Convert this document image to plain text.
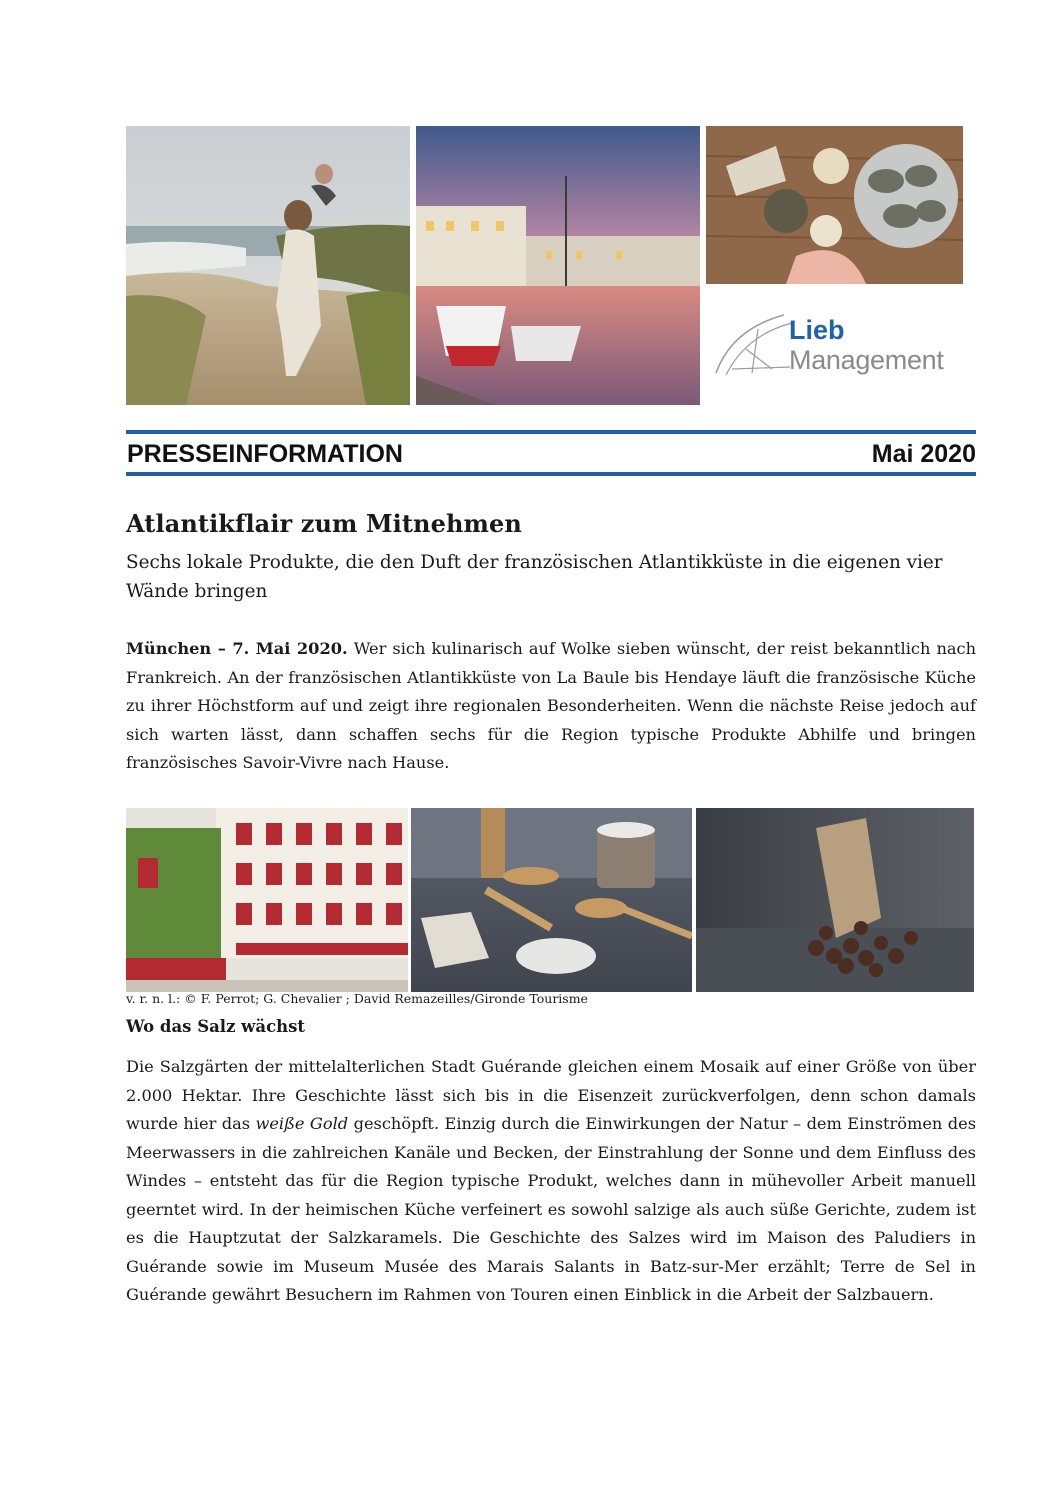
Lieb
Management
PRESSEINFORMATION	Mai 2020
Atlantikflair zum Mitnehmen
Sechs lokale Produkte, die den Duft der französischen Atlantikküste in die eigenen vier Wände bringen
München – 7. Mai 2020. Wer sich kulinarisch auf Wolke sieben wünscht, der reist bekanntlich nach Frankreich. An der französischen Atlantikküste von La Baule bis Hendaye läuft die französische Küche zu ihrer Höchstform auf und zeigt ihre regionalen Besonderheiten. Wenn die nächste Reise jedoch auf sich warten lässt, dann schaffen sechs für die Region typische Produkte Abhilfe und bringen französisches Savoir-Vivre nach Hause.
v. r. n. l.: © F. Perrot; G. Chevalier ; David Remazeilles/Gironde Tourisme
Wo das Salz wächst
Die Salzgärten der mittelalterlichen Stadt Guérande gleichen einem Mosaik auf einer Größe von über 2.000 Hektar. Ihre Geschichte lässt sich bis in die Eisenzeit zurückverfolgen, denn schon damals wurde hier das weiße Gold geschöpft. Einzig durch die Einwirkungen der Natur – dem Einströmen des Meerwassers in die zahlreichen Kanäle und Becken, der Einstrahlung der Sonne und dem Einfluss des Windes – entsteht das für die Region typische Produkt, welches dann in mühevoller Arbeit manuell geerntet wird. In der heimischen Küche verfeinert es sowohl salzige als auch süße Gerichte, zudem ist es die Hauptzutat der Salzkaramels. Die Geschichte des Salzes wird im Maison des Paludiers in Guérande sowie im Museum Musée des Marais Salants in Batz-sur-Mer erzählt; Terre de Sel in Guérande gewährt Besuchern im Rahmen von Touren einen Einblick in die Arbeit der Salzbauern.
